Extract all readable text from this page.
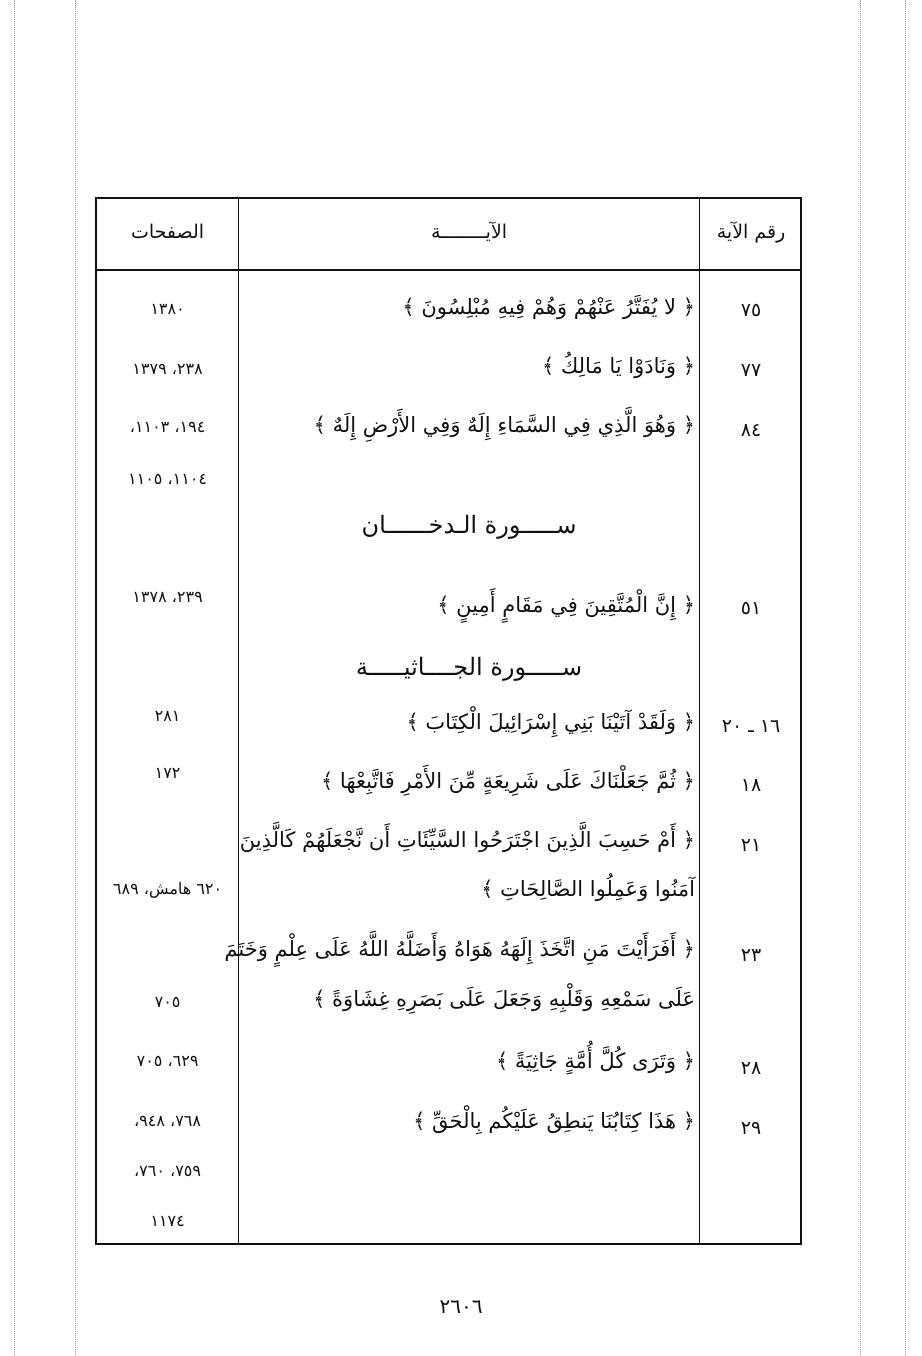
رقم الآية
الآيــــــــة
الصفحات
٧٥
﴿ لا يُفَتَّرُ عَنْهُمْ وَهُمْ فِيهِ مُبْلِسُونَ ﴾
١٣٨٠
٧٧
﴿ وَنَادَوْا يَا مَالِكُ ﴾
٢٣٨، ١٣٧٩
٨٤
﴿ وَهُوَ الَّذِي فِي السَّمَاءِ إِلَهٌ وَفِي الأَرْضِ إِلَهٌ ﴾
١٩٤، ١١٠٣،
١١٠٤، ١١٠٥
ســـــورة الـدخــــــان
٥١
﴿ إِنَّ الْمُتَّقِينَ فِي مَقَامٍ أَمِينٍ ﴾
٢٣٩، ١٣٧٨
ســـــورة الجــــاثيـــــة
١٦ ـ ٢٠
﴿ وَلَقَدْ آتَيْنَا بَنِي إِسْرَائِيلَ الْكِتَابَ ﴾
٢٨١
١٨
﴿ ثُمَّ جَعَلْنَاكَ عَلَى شَرِيعَةٍ مِّنَ الأَمْرِ فَاتَّبِعْهَا ﴾
١٧٢
٢١
﴿ أَمْ حَسِبَ الَّذِينَ اجْتَرَحُوا السَّيِّئَاتِ أَن نَّجْعَلَهُمْ كَالَّذِينَ
آمَنُوا وَعَمِلُوا الصَّالِحَاتِ ﴾
٦٢٠ هامش، ٦٨٩
٢٣
﴿ أَفَرَأَيْتَ مَنِ اتَّخَذَ إِلَهَهُ هَوَاهُ وَأَضَلَّهُ اللَّهُ عَلَى عِلْمٍ وَخَتَمَ
عَلَى سَمْعِهِ وَقَلْبِهِ وَجَعَلَ عَلَى بَصَرِهِ غِشَاوَةً ﴾
٧٠٥
٢٨
﴿ وَتَرَى كُلَّ أُمَّةٍ جَاثِيَةً ﴾
٦٢٩، ٧٠٥
٢٩
﴿ هَذَا كِتَابُنَا يَنطِقُ عَلَيْكُم بِالْحَقِّ ﴾
٧٦٨، ٩٤٨،
٧٥٩، ٧٦٠،
١١٧٤
٢٦٠٦
